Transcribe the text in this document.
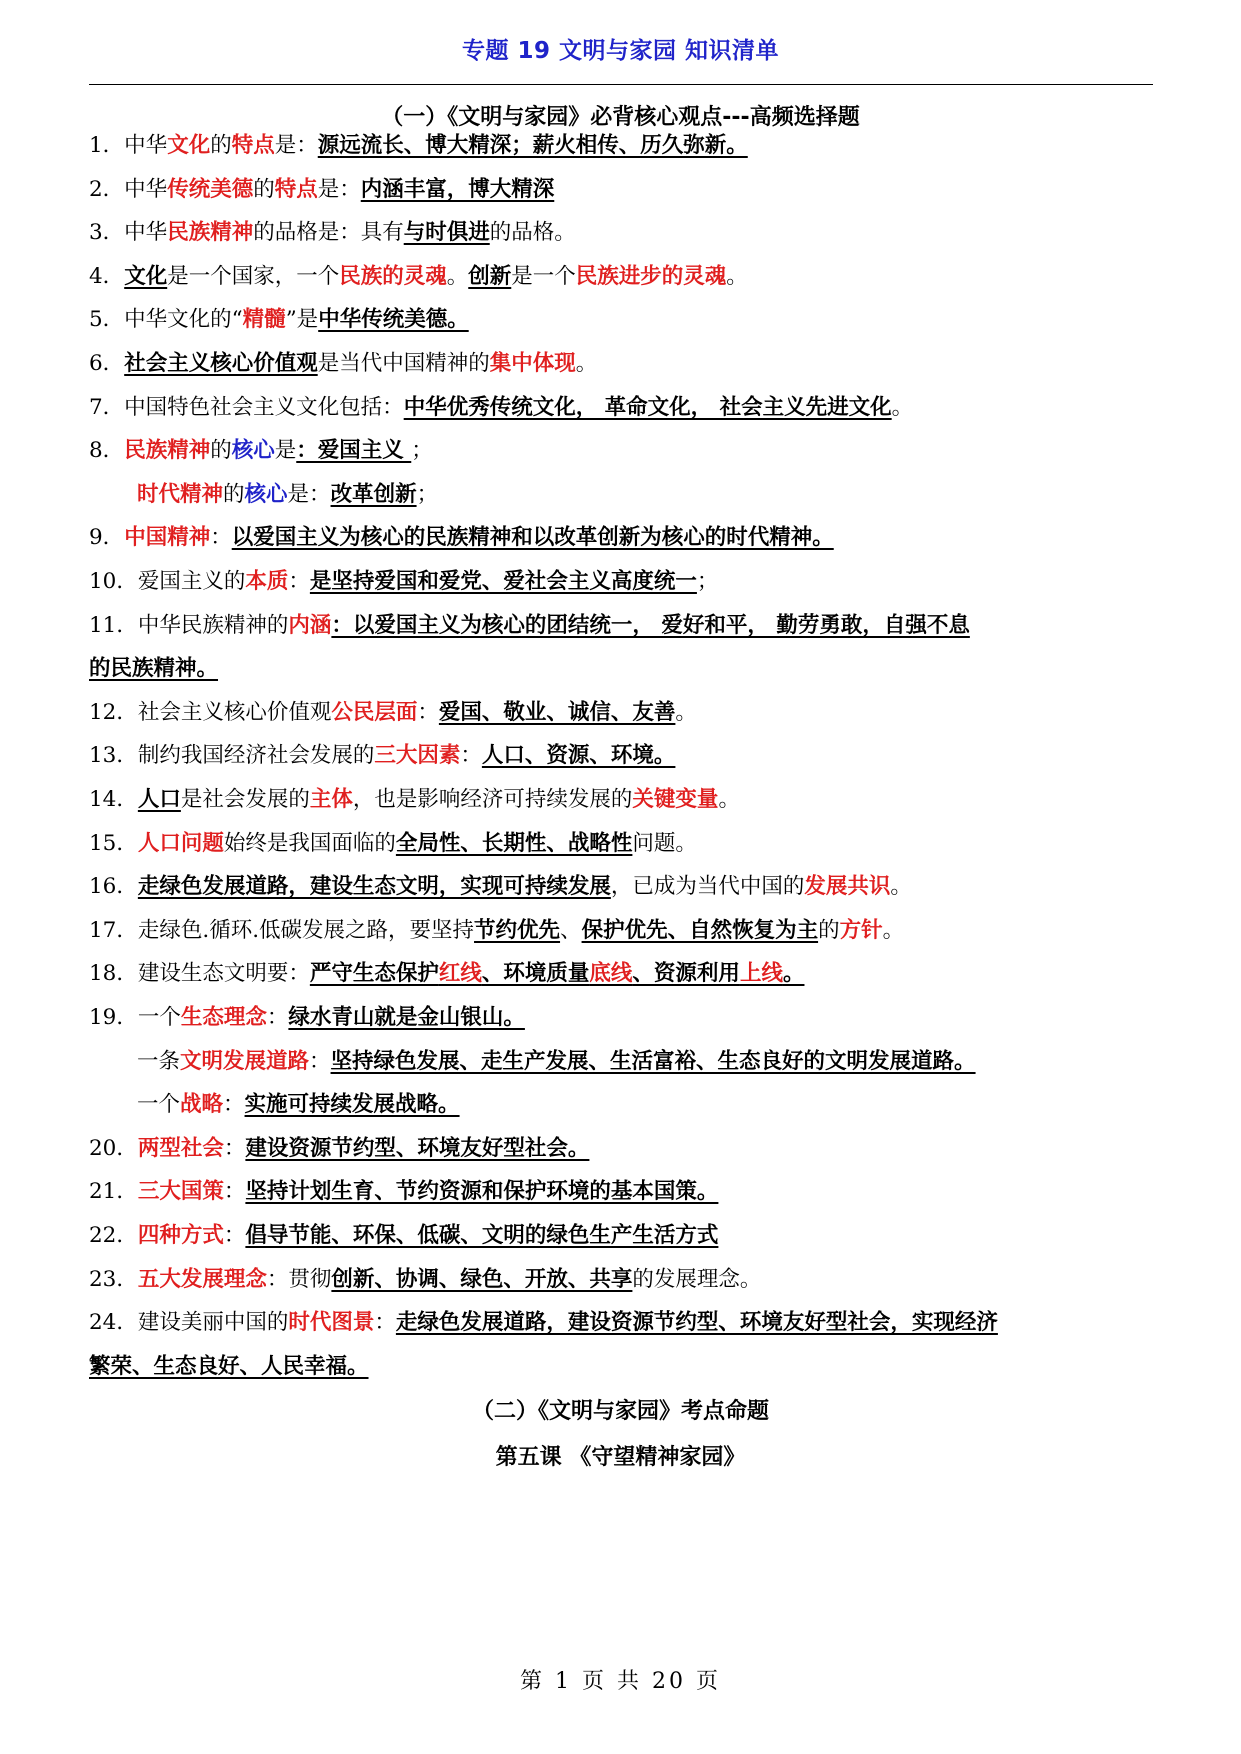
专题 19 文明与家园 知识清单
（一）《文明与家园》必背核心观点---高频选择题
1．中华文化的特点是：源远流长、博大精深；薪火相传、历久弥新。
2．中华传统美德的特点是：内涵丰富，博大精深
3．中华民族精神的品格是：具有与时俱进的品格。
4．文化是一个国家，一个民族的灵魂。创新是一个民族进步的灵魂。
5．中华文化的“精髓”是中华传统美德。
6．社会主义核心价值观是当代中国精神的集中体现。
7．中国特色社会主义文化包括：中华优秀传统文化， 革命文化， 社会主义先进文化。
8．民族精神的核心是：爱国主义 ；
时代精神的核心是：改革创新；
9．中国精神：以爱国主义为核心的民族精神和以改革创新为核心的时代精神。
10．爱国主义的本质：是坚持爱国和爱党、爱社会主义高度统一；
11．中华民族精神的内涵：以爱国主义为核心的团结统一， 爱好和平， 勤劳勇敢，自强不息
的民族精神。
12．社会主义核心价值观公民层面：爱国、敬业、诚信、友善。
13．制约我国经济社会发展的三大因素：人口、资源、环境。
14．人口是社会发展的主体，也是影响经济可持续发展的关键变量。
15．人口问题始终是我国面临的全局性、长期性、战略性问题。
16．走绿色发展道路，建设生态文明，实现可持续发展，已成为当代中国的发展共识。
17．走绿色.循环.低碳发展之路，要坚持节约优先、保护优先、自然恢复为主的方针。
18．建设生态文明要：严守生态保护红线、环境质量底线、资源利用上线。
19．一个生态理念：绿水青山就是金山银山。
一条文明发展道路：坚持绿色发展、走生产发展、生活富裕、生态良好的文明发展道路。
一个战略：实施可持续发展战略。
20．两型社会：建设资源节约型、环境友好型社会。
21．三大国策：坚持计划生育、节约资源和保护环境的基本国策。
22．四种方式：倡导节能、环保、低碳、文明的绿色生产生活方式
23．五大发展理念：贯彻创新、协调、绿色、开放、共享的发展理念。
24．建设美丽中国的时代图景：走绿色发展道路，建设资源节约型、环境友好型社会，实现经济
繁荣、生态良好、人民幸福。
（二）《文明与家园》考点命题
第五课 《守望精神家园》
第 1 页 共 20 页
